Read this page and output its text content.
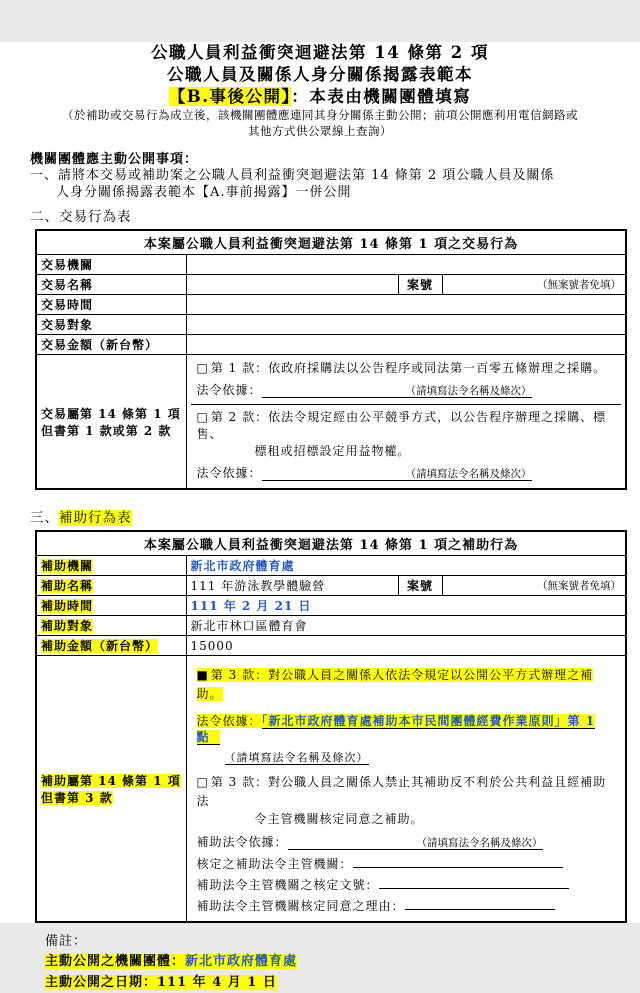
公職人員利益衝突迴避法第 14 條第 2 項
公職人員及關係人身分關係揭露表範本
【B.事後公開】：本表由機關團體填寫
（於補助或交易行為成立後，該機關團體應連同其身分關係主動公開；前項公開應利用電信網路或
其他方式供公眾線上查詢）
機關團體應主動公開事項：
一、請將本交易或補助案之公職人員利益衝突迴避法第 14 條第 2 項公職人員及關係
人身分關係揭露表範本【A.事前揭露】一併公開
二、交易行為表
本案屬公職人員利益衝突迴避法第 14 條第 1 項之交易行為			
交易機關			
交易名稱		案號	（無案號者免填）
交易時間			
交易對象			
交易金額（新台幣）			

交易屬第 14 條第 1 項
但書第 1 款或第 2 款

□ 第 1 款：依政府採購法以公告程序或同法第一百零五條辦理之採購。
法令依據：	（請填寫法令名稱及條次）
□ 第 2 款：依法令規定經由公平競爭方式，以公告程序辦理之採購、標售、
標租或招標設定用益物權。
法令依據：	（請填寫法令名稱及條次）
三、補助行為表
本案屬公職人員利益衝突迴避法第 14 條第 1 項之補助行為			
補助機關	新北市政府體育處		
補助名稱	111 年游泳教學體驗營	案號	（無案號者免填）
補助時間	111 年 2 月 21 日		
補助對象	新北市林口區體育會		
補助金額（新台幣）	15000		

補助屬第 14 條第 1 項
但書第 3 款

■ 第 3 款：對公職人員之關係人依法令規定以公開公平方式辦理之補助。
法令依據：「新北市政府體育處補助本市民間團體經費作業原則」第 1 點
（請填寫法令名稱及條次）
□ 第 3 款：對公職人員之關係人禁止其補助反不利於公共利益且經補助法
令主管機關核定同意之補助。
補助法令依據：	（請填寫法令名稱及條次）
核定之補助法令主管機關：
補助法令主管機關之核定文號：
補助法令主管機關核定同意之理由：
備註：
主動公開之機關團體：新北市政府體育處
主動公開之日期：111 年 4 月 1 日
